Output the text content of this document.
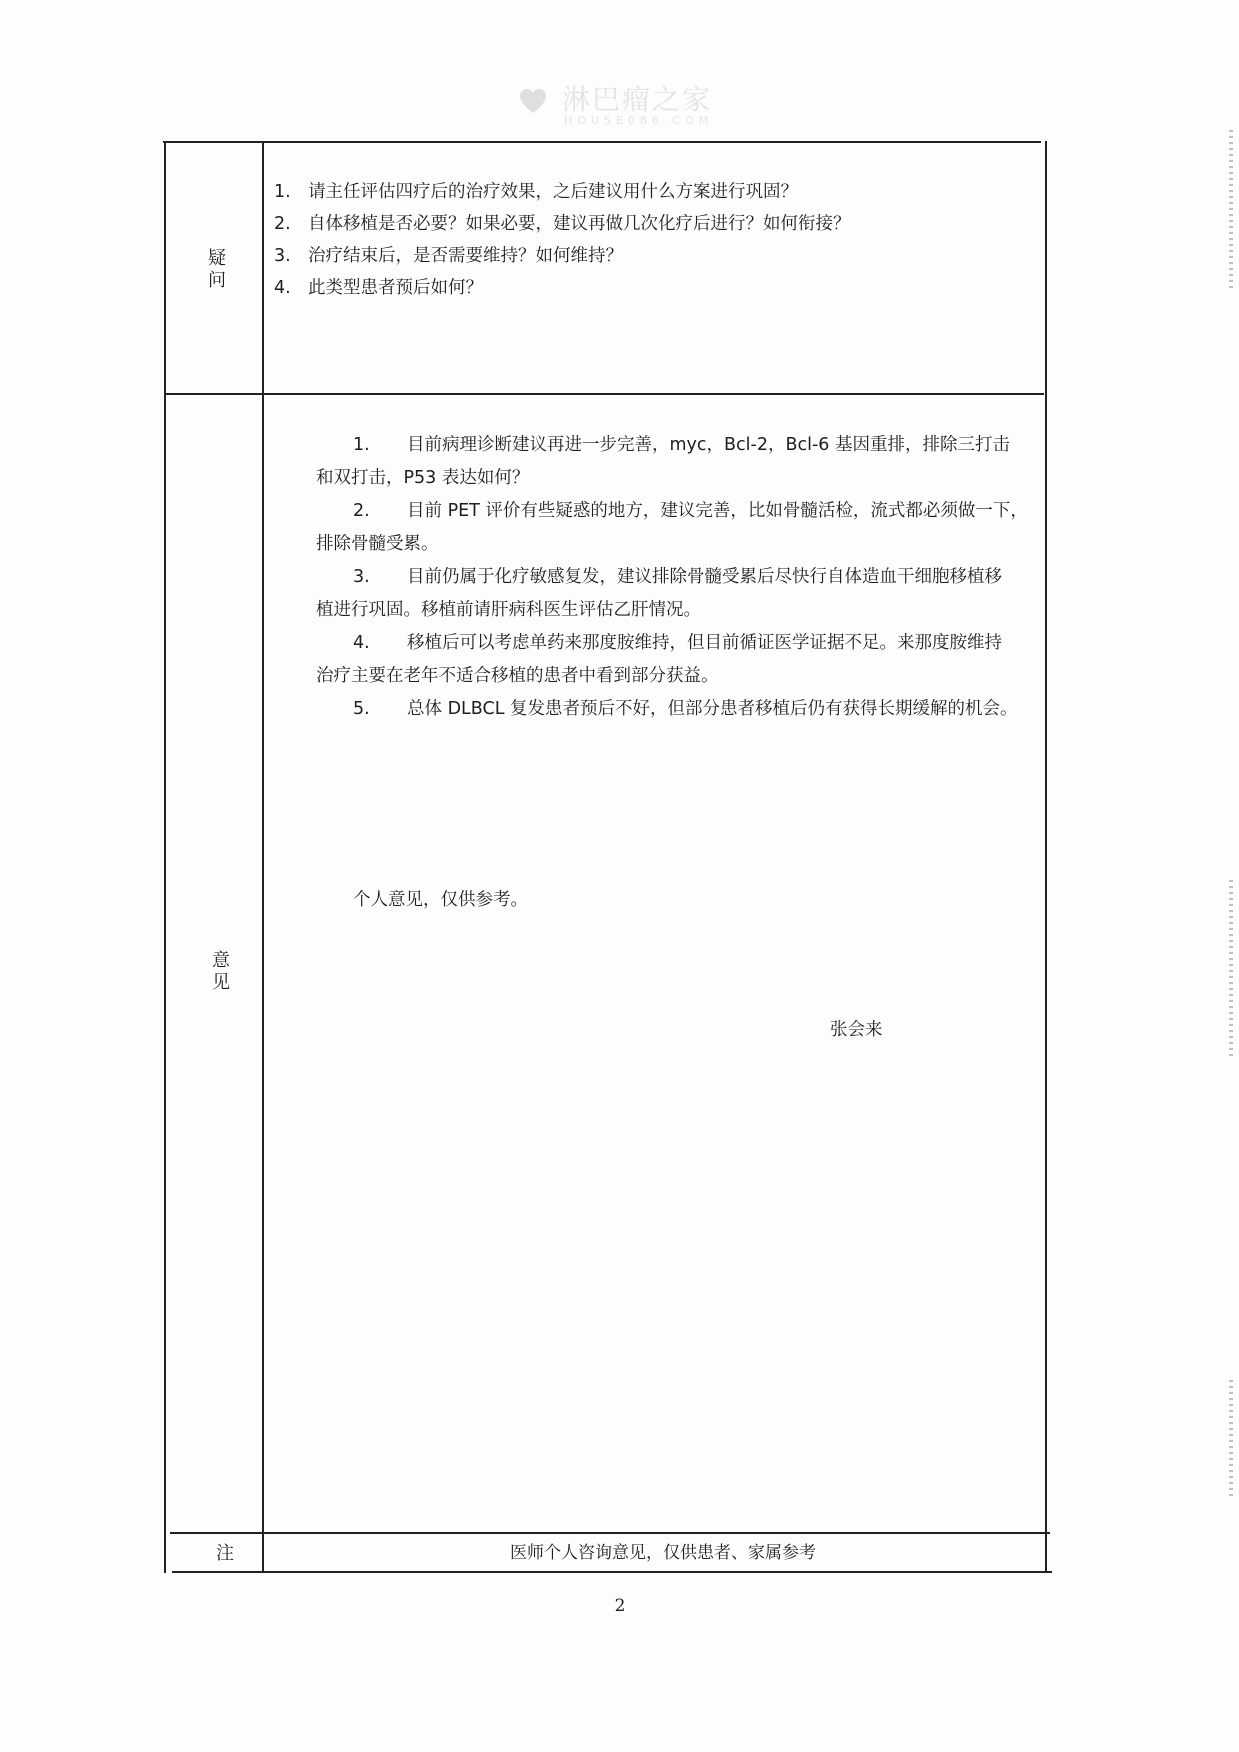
淋巴瘤之家
HOUSE086.COM
疑问
意见
注
1. 请主任评估四疗后的治疗效果，之后建议用什么方案进行巩固？
2. 自体移植是否必要？如果必要，建议再做几次化疗后进行？如何衔接？
3. 治疗结束后，是否需要维持？如何维持？
4. 此类型患者预后如何？
1. 目前病理诊断建议再进一步完善，myc，Bcl-2，Bcl-6 基因重排，排除三打击
和双打击，P53 表达如何？
2. 目前 PET 评价有些疑惑的地方，建议完善，比如骨髓活检，流式都必须做一下，
排除骨髓受累。
3. 目前仍属于化疗敏感复发，建议排除骨髓受累后尽快行自体造血干细胞移植移
植进行巩固。移植前请肝病科医生评估乙肝情况。
4. 移植后可以考虑单药来那度胺维持，但目前循证医学证据不足。来那度胺维持
治疗主要在老年不适合移植的患者中看到部分获益。
5. 总体 DLBCL 复发患者预后不好，但部分患者移植后仍有获得长期缓解的机会。
个人意见，仅供参考。
张会来
医师个人咨询意见，仅供患者、家属参考
2
